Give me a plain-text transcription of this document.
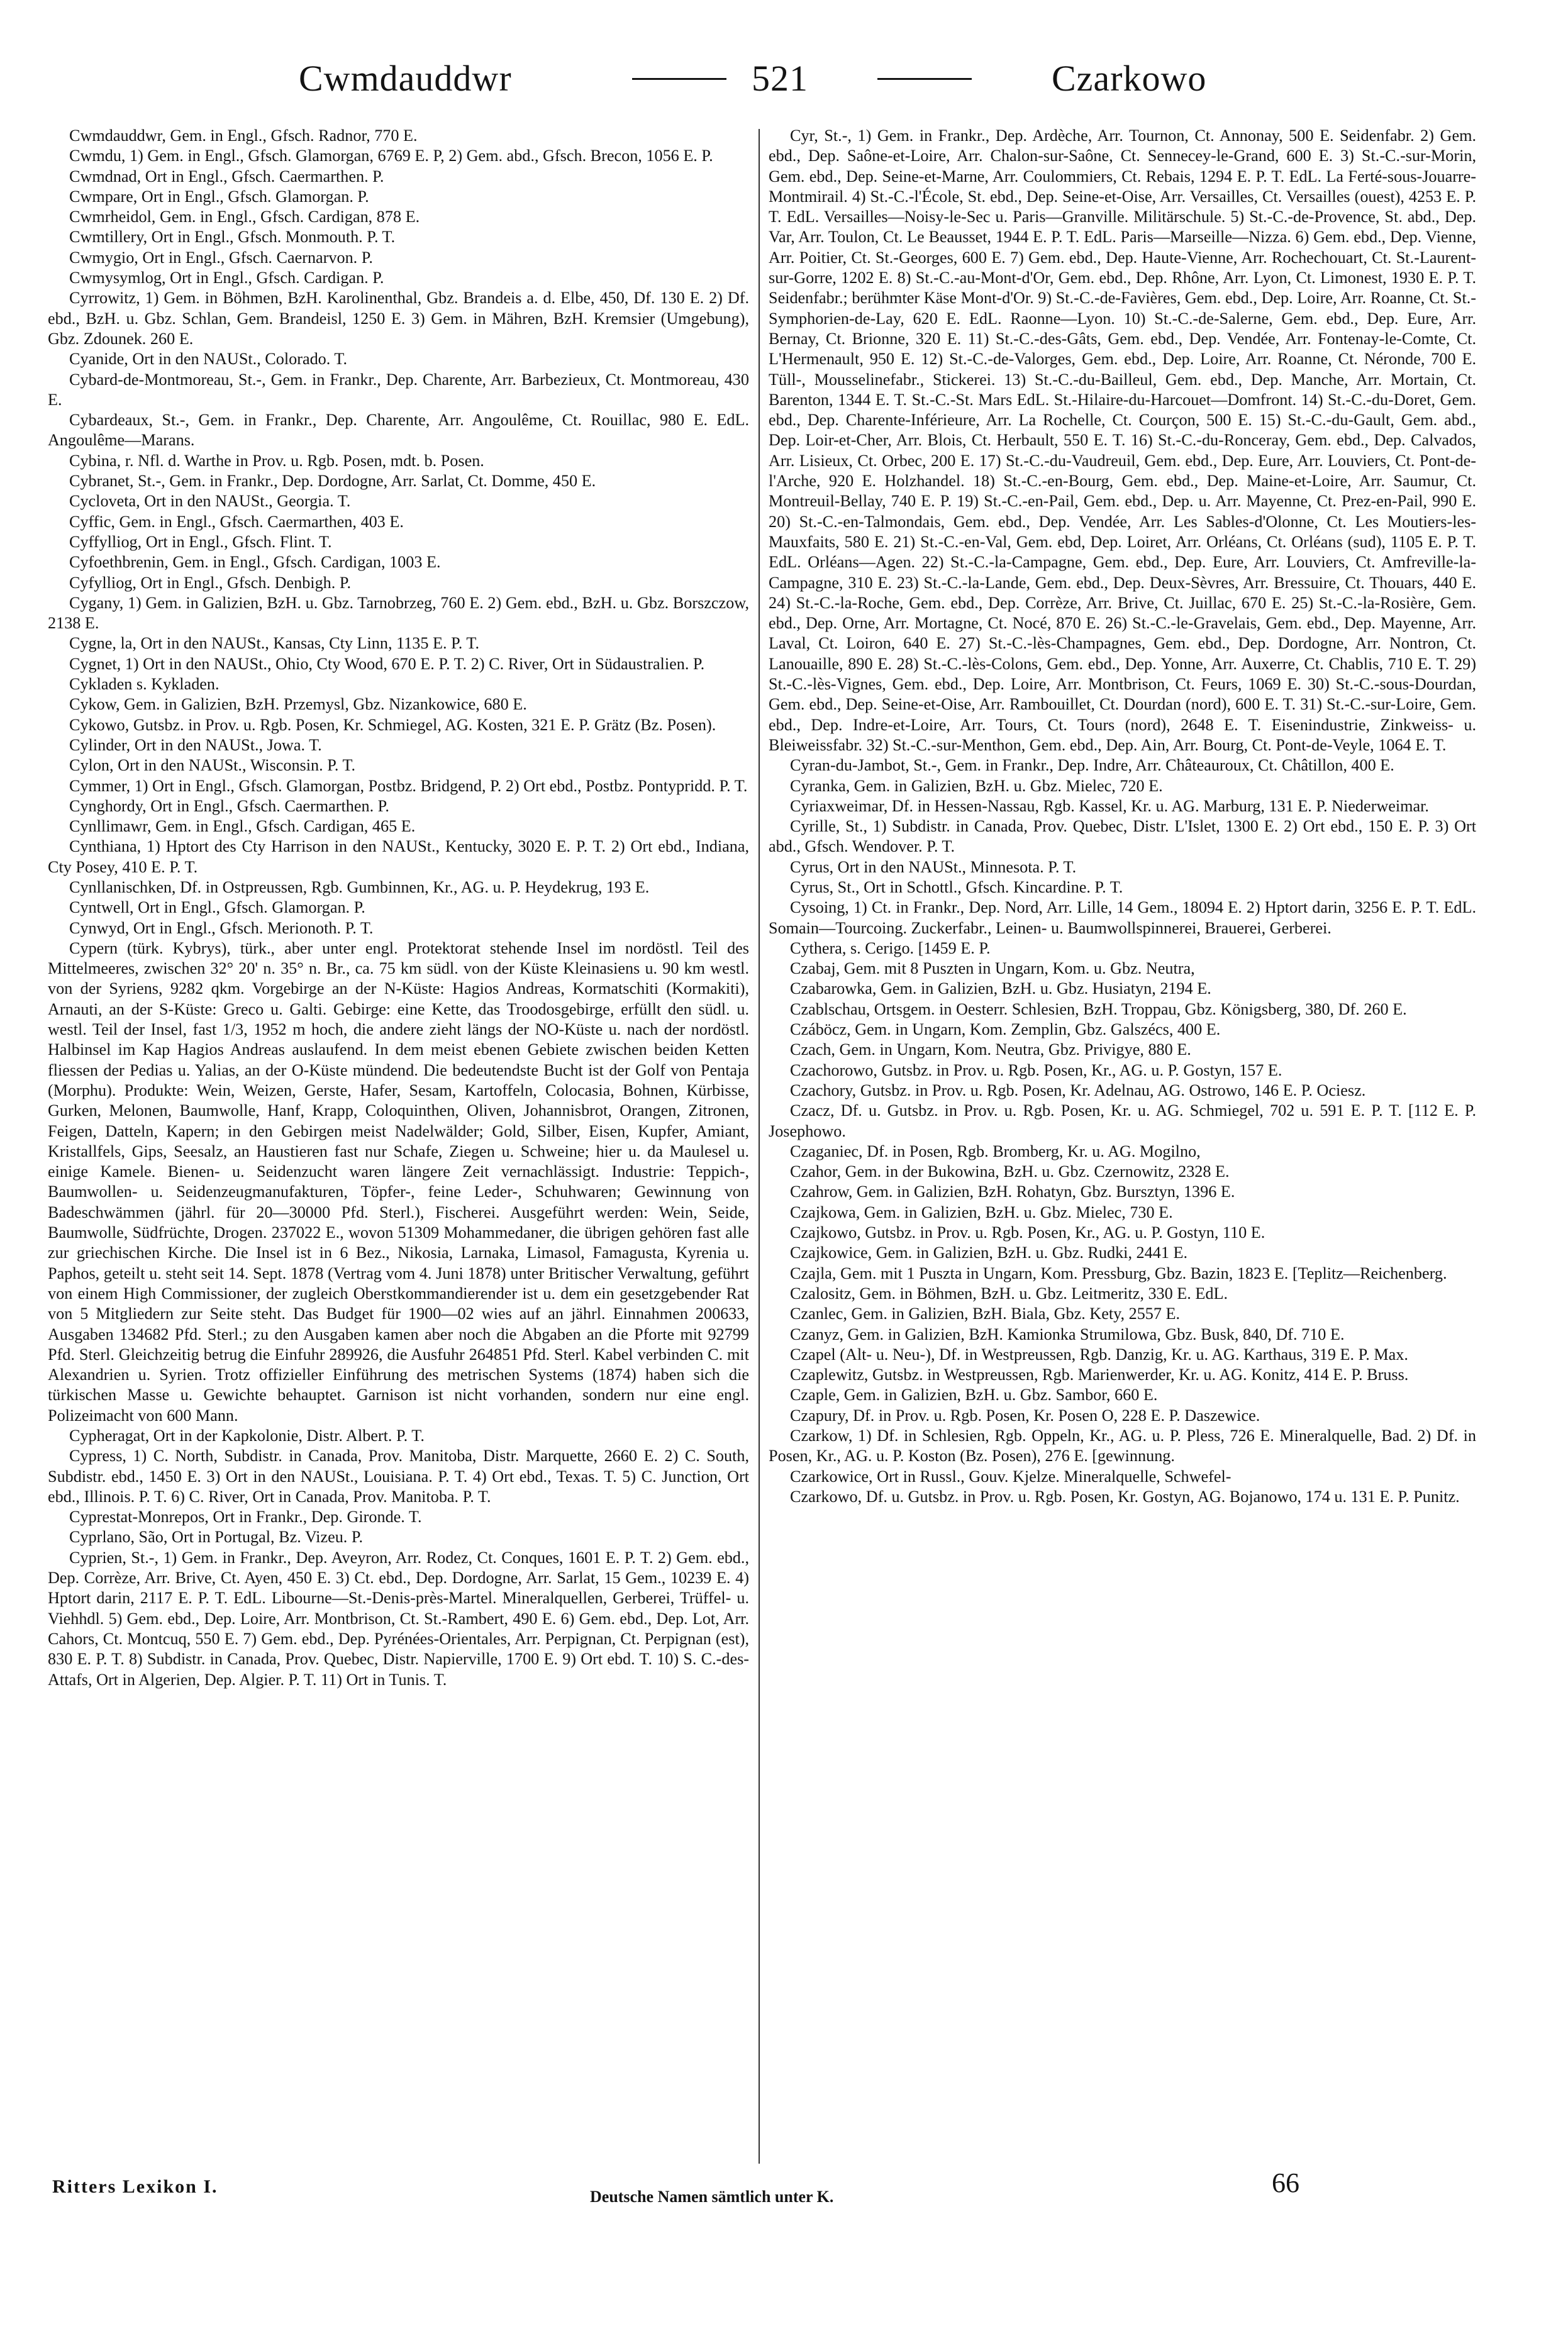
Cwmdauddwr	521	Czarkowo

Cwmdauddwr, Gem. in Engl., Gfsch. Radnor, 770 E.

Cwmdu, 1) Gem. in Engl., Gfsch. Glamorgan, 6769 E. P, 2) Gem. abd., Gfsch. Brecon, 1056 E. P.

Cwmdnad, Ort in Engl., Gfsch. Caermarthen. P.

Cwmpare, Ort in Engl., Gfsch. Glamorgan. P.

Cwmrheidol, Gem. in Engl., Gfsch. Cardigan, 878 E.

Cwmtillery, Ort in Engl., Gfsch. Monmouth. P. T.

Cwmygio, Ort in Engl., Gfsch. Caernarvon. P.

Cwmysymlog, Ort in Engl., Gfsch. Cardigan. P.

Cyrrowitz, 1) Gem. in Böhmen, BzH. Karolinenthal, Gbz. Brandeis a. d. Elbe, 450, Df. 130 E. 2) Df. ebd., BzH. u. Gbz. Schlan, Gem. Brandeisl, 1250 E. 3) Gem. in Mähren, BzH. Kremsier (Umgebung), Gbz. Zdounek. 260 E.

Cyanide, Ort in den NAUSt., Colorado. T.

Cybard-de-Montmoreau, St.-, Gem. in Frankr., Dep. Charente, Arr. Barbezieux, Ct. Montmoreau, 430 E.

Cybardeaux, St.-, Gem. in Frankr., Dep. Charente, Arr. Angoulême, Ct. Rouillac, 980 E. EdL. Angoulême—Marans.

Cybina, r. Nfl. d. Warthe in Prov. u. Rgb. Posen, mdt. b. Posen.

Cybranet, St.-, Gem. in Frankr., Dep. Dordogne, Arr. Sarlat, Ct. Domme, 450 E.

Cycloveta, Ort in den NAUSt., Georgia. T.

Cyffic, Gem. in Engl., Gfsch. Caermarthen, 403 E.

Cyffylliog, Ort in Engl., Gfsch. Flint. T.

Cyfoethbrenin, Gem. in Engl., Gfsch. Cardigan, 1003 E.

Cyfylliog, Ort in Engl., Gfsch. Denbigh. P.

Cygany, 1) Gem. in Galizien, BzH. u. Gbz. Tarnobrzeg, 760 E. 2) Gem. ebd., BzH. u. Gbz. Borszczow, 2138 E.

Cygne, la, Ort in den NAUSt., Kansas, Cty Linn, 1135 E. P. T.

Cygnet, 1) Ort in den NAUSt., Ohio, Cty Wood, 670 E. P. T. 2) C. River, Ort in Südaustralien. P.

Cykladen s. Kykladen.

Cykow, Gem. in Galizien, BzH. Przemysl, Gbz. Nizankowice, 680 E.

Cykowo, Gutsbz. in Prov. u. Rgb. Posen, Kr. Schmiegel, AG. Kosten, 321 E. P. Grätz (Bz. Posen).

Cylinder, Ort in den NAUSt., Jowa. T.

Cylon, Ort in den NAUSt., Wisconsin. P. T.

Cymmer, 1) Ort in Engl., Gfsch. Glamorgan, Postbz. Bridgend, P. 2) Ort ebd., Postbz. Pontypridd. P. T.

Cynghordy, Ort in Engl., Gfsch. Caermarthen. P.

Cynllimawr, Gem. in Engl., Gfsch. Cardigan, 465 E.

Cynthiana, 1) Hptort des Cty Harrison in den NAUSt., Kentucky, 3020 E. P. T. 2) Ort ebd., Indiana, Cty Posey, 410 E. P. T.

Cynllanischken, Df. in Ostpreussen, Rgb. Gumbinnen, Kr., AG. u. P. Heydekrug, 193 E.

Cyntwell, Ort in Engl., Gfsch. Glamorgan. P.

Cynwyd, Ort in Engl., Gfsch. Merionoth. P. T.

Cypern (türk. Kybrys), türk., aber unter engl. Protektorat stehende Insel im nordöstl. Teil des Mittelmeeres, zwischen 32° 20' n. 35° n. Br., ca. 75 km südl. von der Küste Kleinasiens u. 90 km westl. von der Syriens, 9282 qkm. Vorgebirge an der N-Küste: Hagios Andreas, Kormatschiti (Kormakiti), Arnauti, an der S-Küste: Greco u. Galti. Gebirge: eine Kette, das Troodosgebirge, erfüllt den südl. u. westl. Teil der Insel, fast 1/3, 1952 m hoch, die andere zieht längs der NO-Küste u. nach der nordöstl. Halbinsel im Kap Hagios Andreas auslaufend. In dem meist ebenen Gebiete zwischen beiden Ketten fliessen der Pedias u. Yalias, an der O-Küste mündend. Die bedeutendste Bucht ist der Golf von Pentaja (Morphu). Produkte: Wein, Weizen, Gerste, Hafer, Sesam, Kartoffeln, Colocasia, Bohnen, Kürbisse, Gurken, Melonen, Baumwolle, Hanf, Krapp, Coloquinthen, Oliven, Johannisbrot, Orangen, Zitronen, Feigen, Datteln, Kapern; in den Gebirgen meist Nadelwälder; Gold, Silber, Eisen, Kupfer, Amiant, Kristallfels, Gips, Seesalz, an Haustieren fast nur Schafe, Ziegen u. Schweine; hier u. da Maulesel u. einige Kamele. Bienen- u. Seidenzucht waren längere Zeit vernachlässigt. Industrie: Teppich-, Baumwollen- u. Seidenzeugmanufakturen, Töpfer-, feine Leder-, Schuhwaren; Gewinnung von Badeschwämmen (jährl. für 20—30000 Pfd. Sterl.), Fischerei. Ausgeführt werden: Wein, Seide, Baumwolle, Südfrüchte, Drogen. 237022 E., wovon 51309 Mohammedaner, die übrigen gehören fast alle zur griechischen Kirche. Die Insel ist in 6 Bez., Nikosia, Larnaka, Limasol, Famagusta, Kyrenia u. Paphos, geteilt u. steht seit 14. Sept. 1878 (Vertrag vom 4. Juni 1878) unter Britischer Verwaltung, geführt von einem High Commissioner, der zugleich Oberstkommandierender ist u. dem ein gesetzgebender Rat von 5 Mitgliedern zur Seite steht. Das Budget für 1900—02 wies auf an jährl. Einnahmen 200633, Ausgaben 134682 Pfd. Sterl.; zu den Ausgaben kamen aber noch die Abgaben an die Pforte mit 92799 Pfd. Sterl. Gleichzeitig betrug die Einfuhr 289926, die Ausfuhr 264851 Pfd. Sterl. Kabel verbinden C. mit Alexandrien u. Syrien. Trotz offizieller Einführung des metrischen Systems (1874) haben sich die türkischen Masse u. Gewichte behauptet. Garnison ist nicht vorhanden, sondern nur eine engl. Polizeimacht von 600 Mann.

Cypheragat, Ort in der Kapkolonie, Distr. Albert. P. T.

Cypress, 1) C. North, Subdistr. in Canada, Prov. Manitoba, Distr. Marquette, 2660 E. 2) C. South, Subdistr. ebd., 1450 E. 3) Ort in den NAUSt., Louisiana. P. T. 4) Ort ebd., Texas. T. 5) C. Junction, Ort ebd., Illinois. P. T. 6) C. River, Ort in Canada, Prov. Manitoba. P. T.

Cyprestat-Monrepos, Ort in Frankr., Dep. Gironde. T.

Cyprlano, São, Ort in Portugal, Bz. Vizeu. P.

Cyprien, St.-, 1) Gem. in Frankr., Dep. Aveyron, Arr. Rodez, Ct. Conques, 1601 E. P. T. 2) Gem. ebd., Dep. Corrèze, Arr. Brive, Ct. Ayen, 450 E. 3) Ct. ebd., Dep. Dordogne, Arr. Sarlat, 15 Gem., 10239 E. 4) Hptort darin, 2117 E. P. T. EdL. Libourne—St.-Denis-près-Martel. Mineralquellen, Gerberei, Trüffel- u. Viehhdl. 5) Gem. ebd., Dep. Loire, Arr. Montbrison, Ct. St.-Rambert, 490 E. 6) Gem. ebd., Dep. Lot, Arr. Cahors, Ct. Montcuq, 550 E. 7) Gem. ebd., Dep. Pyrénées-Orientales, Arr. Perpignan, Ct. Perpignan (est), 830 E. P. T. 8) Subdistr. in Canada, Prov. Quebec, Distr. Napierville, 1700 E. 9) Ort ebd. T. 10) S. C.-des-Attafs, Ort in Algerien, Dep. Algier. P. T. 11) Ort in Tunis. T.

Cyr, St.-, 1) Gem. in Frankr., Dep. Ardèche, Arr. Tournon, Ct. Annonay, 500 E. Seidenfabr. 2) Gem. ebd., Dep. Saône-et-Loire, Arr. Chalon-sur-Saône, Ct. Sennecey-le-Grand, 600 E. 3) St.-C.-sur-Morin, Gem. ebd., Dep. Seine-et-Marne, Arr. Coulommiers, Ct. Rebais, 1294 E. P. T. EdL. La Ferté-sous-Jouarre-Montmirail. 4) St.-C.-l'École, St. ebd., Dep. Seine-et-Oise, Arr. Versailles, Ct. Versailles (ouest), 4253 E. P. T. EdL. Versailles—Noisy-le-Sec u. Paris—Granville. Militärschule. 5) St.-C.-de-Provence, St. abd., Dep. Var, Arr. Toulon, Ct. Le Beausset, 1944 E. P. T. EdL. Paris—Marseille—Nizza. 6) Gem. ebd., Dep. Vienne, Arr. Poitier, Ct. St.-Georges, 600 E. 7) Gem. ebd., Dep. Haute-Vienne, Arr. Rochechouart, Ct. St.-Laurent-sur-Gorre, 1202 E. 8) St.-C.-au-Mont-d'Or, Gem. ebd., Dep. Rhône, Arr. Lyon, Ct. Limonest, 1930 E. P. T. Seidenfabr.; berühmter Käse Mont-d'Or. 9) St.-C.-de-Favières, Gem. ebd., Dep. Loire, Arr. Roanne, Ct. St.-Symphorien-de-Lay, 620 E. EdL. Raonne—Lyon. 10) St.-C.-de-Salerne, Gem. ebd., Dep. Eure, Arr. Bernay, Ct. Brionne, 320 E. 11) St.-C.-des-Gâts, Gem. ebd., Dep. Vendée, Arr. Fontenay-le-Comte, Ct. L'Hermenault, 950 E. 12) St.-C.-de-Valorges, Gem. ebd., Dep. Loire, Arr. Roanne, Ct. Néronde, 700 E. Tüll-, Mousselinefabr., Stickerei. 13) St.-C.-du-Bailleul, Gem. ebd., Dep. Manche, Arr. Mortain, Ct. Barenton, 1344 E. T. St.-C.-St. Mars EdL. St.-Hilaire-du-Harcouet—Domfront. 14) St.-C.-du-Doret, Gem. ebd., Dep. Charente-Inférieure, Arr. La Rochelle, Ct. Courçon, 500 E. 15) St.-C.-du-Gault, Gem. abd., Dep. Loir-et-Cher, Arr. Blois, Ct. Herbault, 550 E. T. 16) St.-C.-du-Ronceray, Gem. ebd., Dep. Calvados, Arr. Lisieux, Ct. Orbec, 200 E. 17) St.-C.-du-Vaudreuil, Gem. ebd., Dep. Eure, Arr. Louviers, Ct. Pont-de-l'Arche, 920 E. Holzhandel. 18) St.-C.-en-Bourg, Gem. ebd., Dep. Maine-et-Loire, Arr. Saumur, Ct. Montreuil-Bellay, 740 E. P. 19) St.-C.-en-Pail, Gem. ebd., Dep. u. Arr. Mayenne, Ct. Prez-en-Pail, 990 E. 20) St.-C.-en-Talmondais, Gem. ebd., Dep. Vendée, Arr. Les Sables-d'Olonne, Ct. Les Moutiers-les-Mauxfaits, 580 E. 21) St.-C.-en-Val, Gem. ebd, Dep. Loiret, Arr. Orléans, Ct. Orléans (sud), 1105 E. P. T. EdL. Orléans—Agen. 22) St.-C.-la-Campagne, Gem. ebd., Dep. Eure, Arr. Louviers, Ct. Amfreville-la-Campagne, 310 E. 23) St.-C.-la-Lande, Gem. ebd., Dep. Deux-Sèvres, Arr. Bressuire, Ct. Thouars, 440 E. 24) St.-C.-la-Roche, Gem. ebd., Dep. Corrèze, Arr. Brive, Ct. Juillac, 670 E. 25) St.-C.-la-Rosière, Gem. ebd., Dep. Orne, Arr. Mortagne, Ct. Nocé, 870 E. 26) St.-C.-le-Gravelais, Gem. ebd., Dep. Mayenne, Arr. Laval, Ct. Loiron, 640 E. 27) St.-C.-lès-Champagnes, Gem. ebd., Dep. Dordogne, Arr. Nontron, Ct. Lanouaille, 890 E. 28) St.-C.-lès-Colons, Gem. ebd., Dep. Yonne, Arr. Auxerre, Ct. Chablis, 710 E. T. 29) St.-C.-lès-Vignes, Gem. ebd., Dep. Loire, Arr. Montbrison, Ct. Feurs, 1069 E. 30) St.-C.-sous-Dourdan, Gem. ebd., Dep. Seine-et-Oise, Arr. Rambouillet, Ct. Dourdan (nord), 600 E. T. 31) St.-C.-sur-Loire, Gem. ebd., Dep. Indre-et-Loire, Arr. Tours, Ct. Tours (nord), 2648 E. T. Eisenindustrie, Zinkweiss- u. Bleiweissfabr. 32) St.-C.-sur-Menthon, Gem. ebd., Dep. Ain, Arr. Bourg, Ct. Pont-de-Veyle, 1064 E. T.

Cyran-du-Jambot, St.-, Gem. in Frankr., Dep. Indre, Arr. Châteauroux, Ct. Châtillon, 400 E.

Cyranka, Gem. in Galizien, BzH. u. Gbz. Mielec, 720 E.

Cyriaxweimar, Df. in Hessen-Nassau, Rgb. Kassel, Kr. u. AG. Marburg, 131 E. P. Niederweimar.

Cyrille, St., 1) Subdistr. in Canada, Prov. Quebec, Distr. L'Islet, 1300 E. 2) Ort ebd., 150 E. P. 3) Ort abd., Gfsch. Wendover. P. T.

Cyrus, Ort in den NAUSt., Minnesota. P. T.

Cyrus, St., Ort in Schottl., Gfsch. Kincardine. P. T.

Cysoing, 1) Ct. in Frankr., Dep. Nord, Arr. Lille, 14 Gem., 18094 E. 2) Hptort darin, 3256 E. P. T. EdL. Somain—Tourcoing. Zuckerfabr., Leinen- u. Baumwollspinnerei, Brauerei, Gerberei.

Cythera, s. Cerigo. [1459 E. P.

Czabaj, Gem. mit 8 Puszten in Ungarn, Kom. u. Gbz. Neutra,

Czabarowka, Gem. in Galizien, BzH. u. Gbz. Husiatyn, 2194 E.

Czablschau, Ortsgem. in Oesterr. Schlesien, BzH. Troppau, Gbz. Königsberg, 380, Df. 260 E.

Czáböcz, Gem. in Ungarn, Kom. Zemplin, Gbz. Galszécs, 400 E.

Czach, Gem. in Ungarn, Kom. Neutra, Gbz. Privigye, 880 E.

Czachorowo, Gutsbz. in Prov. u. Rgb. Posen, Kr., AG. u. P. Gostyn, 157 E.

Czachory, Gutsbz. in Prov. u. Rgb. Posen, Kr. Adelnau, AG. Ostrowo, 146 E. P. Ociesz.

Czacz, Df. u. Gutsbz. in Prov. u. Rgb. Posen, Kr. u. AG. Schmiegel, 702 u. 591 E. P. T. [112 E. P. Josephowo.

Czaganiec, Df. in Posen, Rgb. Bromberg, Kr. u. AG. Mogilno,

Czahor, Gem. in der Bukowina, BzH. u. Gbz. Czernowitz, 2328 E.

Czahrow, Gem. in Galizien, BzH. Rohatyn, Gbz. Bursztyn, 1396 E.

Czajkowa, Gem. in Galizien, BzH. u. Gbz. Mielec, 730 E.

Czajkowo, Gutsbz. in Prov. u. Rgb. Posen, Kr., AG. u. P. Gostyn, 110 E.

Czajkowice, Gem. in Galizien, BzH. u. Gbz. Rudki, 2441 E.

Czajla, Gem. mit 1 Puszta in Ungarn, Kom. Pressburg, Gbz. Bazin, 1823 E. [Teplitz—Reichenberg.

Czalositz, Gem. in Böhmen, BzH. u. Gbz. Leitmeritz, 330 E. EdL.

Czanlec, Gem. in Galizien, BzH. Biala, Gbz. Kety, 2557 E.

Czanyz, Gem. in Galizien, BzH. Kamionka Strumilowa, Gbz. Busk, 840, Df. 710 E.

Czapel (Alt- u. Neu-), Df. in Westpreussen, Rgb. Danzig, Kr. u. AG. Karthaus, 319 E. P. Max.

Czaplewitz, Gutsbz. in Westpreussen, Rgb. Marienwerder, Kr. u. AG. Konitz, 414 E. P. Bruss.

Czaple, Gem. in Galizien, BzH. u. Gbz. Sambor, 660 E.

Czapury, Df. in Prov. u. Rgb. Posen, Kr. Posen O, 228 E. P. Daszewice.

Czarkow, 1) Df. in Schlesien, Rgb. Oppeln, Kr., AG. u. P. Pless, 726 E. Mineralquelle, Bad. 2) Df. in Posen, Kr., AG. u. P. Koston (Bz. Posen), 276 E. [gewinnung.

Czarkowice, Ort in Russl., Gouv. Kjelze. Mineralquelle, Schwefel-

Czarkowo, Df. u. Gutsbz. in Prov. u. Rgb. Posen, Kr. Gostyn, AG. Bojanowo, 174 u. 131 E. P. Punitz.

Ritters Lexikon I.	Deutsche Namen sämtlich unter K.	66
